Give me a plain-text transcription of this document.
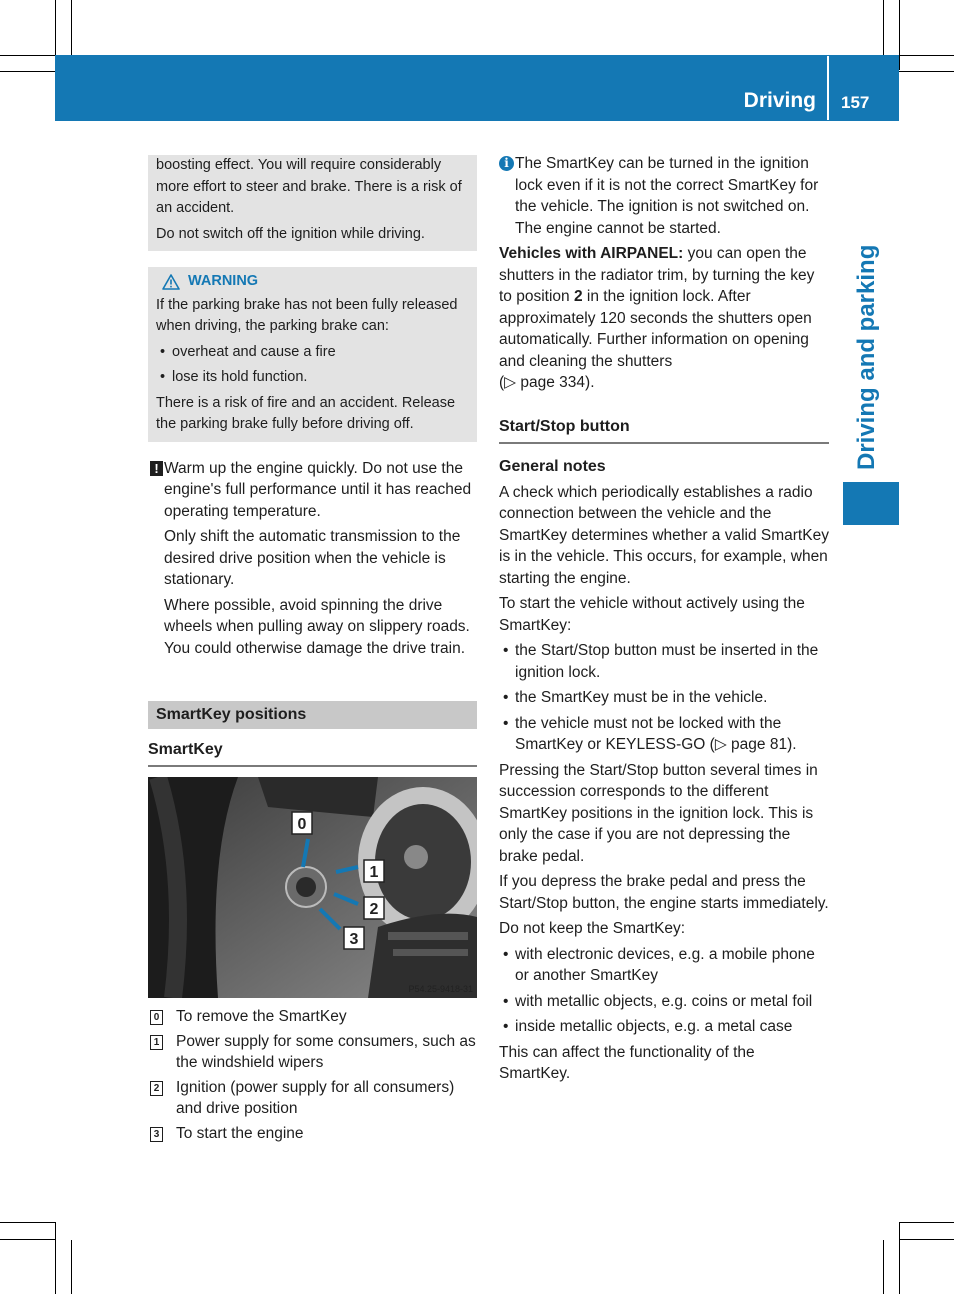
Driving 157
Driving and parking

boosting effect. You will require considerably more effort to steer and brake. There is a risk of an accident.

Do not switch off the ignition while driving.

WARNING

If the parking brake has not been fully released when driving, the parking brake can:

• overheat and cause a fire
• lose its hold function.

There is a risk of fire and an accident. Release the parking brake fully before driving off.

! Warm up the engine quickly. Do not use the engine's full performance until it has reached operating temperature.

Only shift the automatic transmission to the desired drive position when the vehicle is stationary.

Where possible, avoid spinning the drive wheels when pulling away on slippery roads. You could otherwise damage the drive train.

SmartKey positions
SmartKey
0
1
2
3
P54.25-9418-31
0 To remove the SmartKey
1 Power supply for some consumers, such as the windshield wipers
2 Ignition (power supply for all consumers) and drive position
3 To start the engine
i The SmartKey can be turned in the ignition lock even if it is not the correct SmartKey for the vehicle. The ignition is not switched on. The engine cannot be started.

Vehicles with AIRPANEL: you can open the shutters in the radiator trim, by turning the key to position 2 in the ignition lock. After approximately 120 seconds the shutters open automatically. Further information on opening and cleaning the shutters
(▷ page 334).

Start/Stop button
General notes

A check which periodically establishes a radio connection between the vehicle and the SmartKey determines whether a valid SmartKey is in the vehicle. This occurs, for example, when starting the engine.

To start the vehicle without actively using the SmartKey:

• the Start/Stop button must be inserted in the ignition lock.
• the SmartKey must be in the vehicle.
• the vehicle must not be locked with the SmartKey or KEYLESS-GO (▷ page 81).

Pressing the Start/Stop button several times in succession corresponds to the different SmartKey positions in the ignition lock. This is only the case if you are not depressing the brake pedal.

If you depress the brake pedal and press the Start/Stop button, the engine starts immediately.

Do not keep the SmartKey:

• with electronic devices, e.g. a mobile phone or another SmartKey
• with metallic objects, e.g. coins or metal foil
• inside metallic objects, e.g. a metal case

This can affect the functionality of the SmartKey.
